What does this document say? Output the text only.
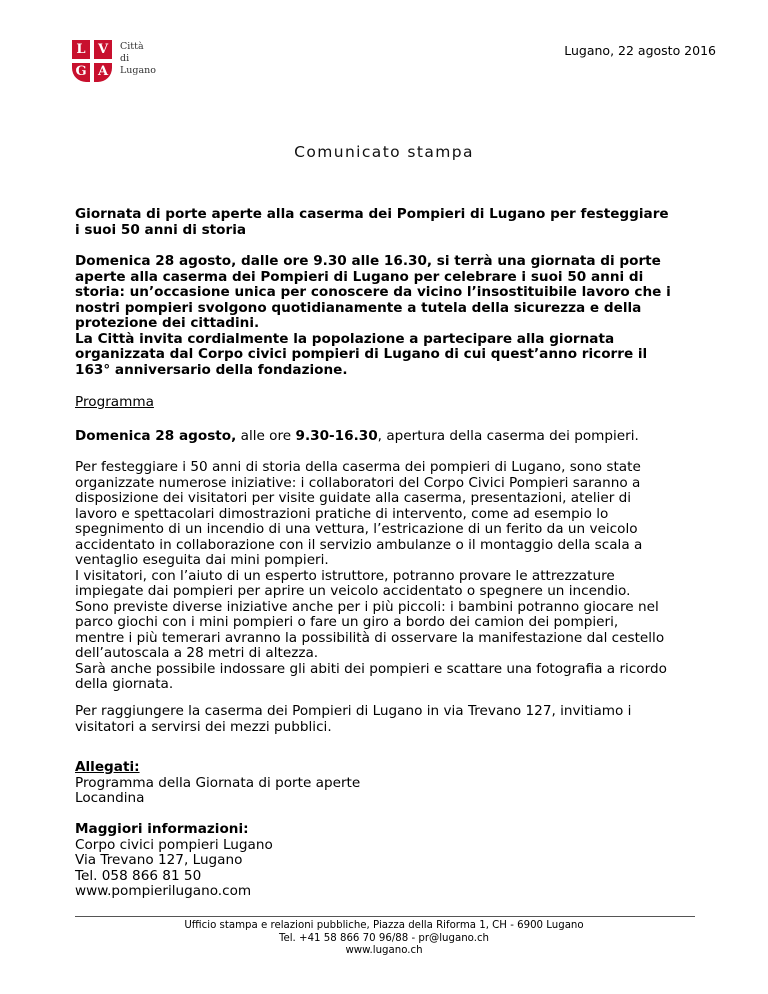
L V
G A
Città
di
Lugano
Lugano, 22 agosto 2016
Comunicato stampa
Giornata di porte aperte alla caserma dei Pompieri di Lugano per festeggiare
i suoi 50 anni di storia
Domenica 28 agosto, dalle ore 9.30 alle 16.30, si terrà una giornata di porte
aperte alla caserma dei Pompieri di Lugano per celebrare i suoi 50 anni di
storia: un’occasione unica per conoscere da vicino l’insostituibile lavoro che i
nostri pompieri svolgono quotidianamente a tutela della sicurezza e della
protezione dei cittadini.
La Città invita cordialmente la popolazione a partecipare alla giornata
organizzata dal Corpo civici pompieri di Lugano di cui quest’anno ricorre il
163° anniversario della fondazione.
Programma
Domenica 28 agosto, alle ore 9.30-16.30, apertura della caserma dei pompieri.
Per festeggiare i 50 anni di storia della caserma dei pompieri di Lugano, sono state
organizzate numerose iniziative: i collaboratori del Corpo Civici Pompieri saranno a
disposizione dei visitatori per visite guidate alla caserma, presentazioni, atelier di
lavoro e spettacolari dimostrazioni pratiche di intervento, come ad esempio lo
spegnimento di un incendio di una vettura, l’estricazione di un ferito da un veicolo
accidentato in collaborazione con il servizio ambulanze o il montaggio della scala a
ventaglio eseguita dai mini pompieri.
I visitatori, con l’aiuto di un esperto istruttore, potranno provare le attrezzature
impiegate dai pompieri per aprire un veicolo accidentato o spegnere un incendio.
Sono previste diverse iniziative anche per i più piccoli: i bambini potranno giocare nel
parco giochi con i mini pompieri o fare un giro a bordo dei camion dei pompieri,
mentre i più temerari avranno la possibilità di osservare la manifestazione dal cestello
dell’autoscala a 28 metri di altezza.
Sarà anche possibile indossare gli abiti dei pompieri e scattare una fotografia a ricordo
della giornata.
Per raggiungere la caserma dei Pompieri di Lugano in via Trevano 127, invitiamo i
visitatori a servirsi dei mezzi pubblici.
Allegati:
Programma della Giornata di porte aperte
Locandina
Maggiori informazioni:
Corpo civici pompieri Lugano
Via Trevano 127, Lugano
Tel. 058 866 81 50
www.pompierilugano.com
Ufficio stampa e relazioni pubbliche, Piazza della Riforma 1, CH - 6900 Lugano
Tel. +41 58 866 70 96/88 - pr@lugano.ch
www.lugano.ch
